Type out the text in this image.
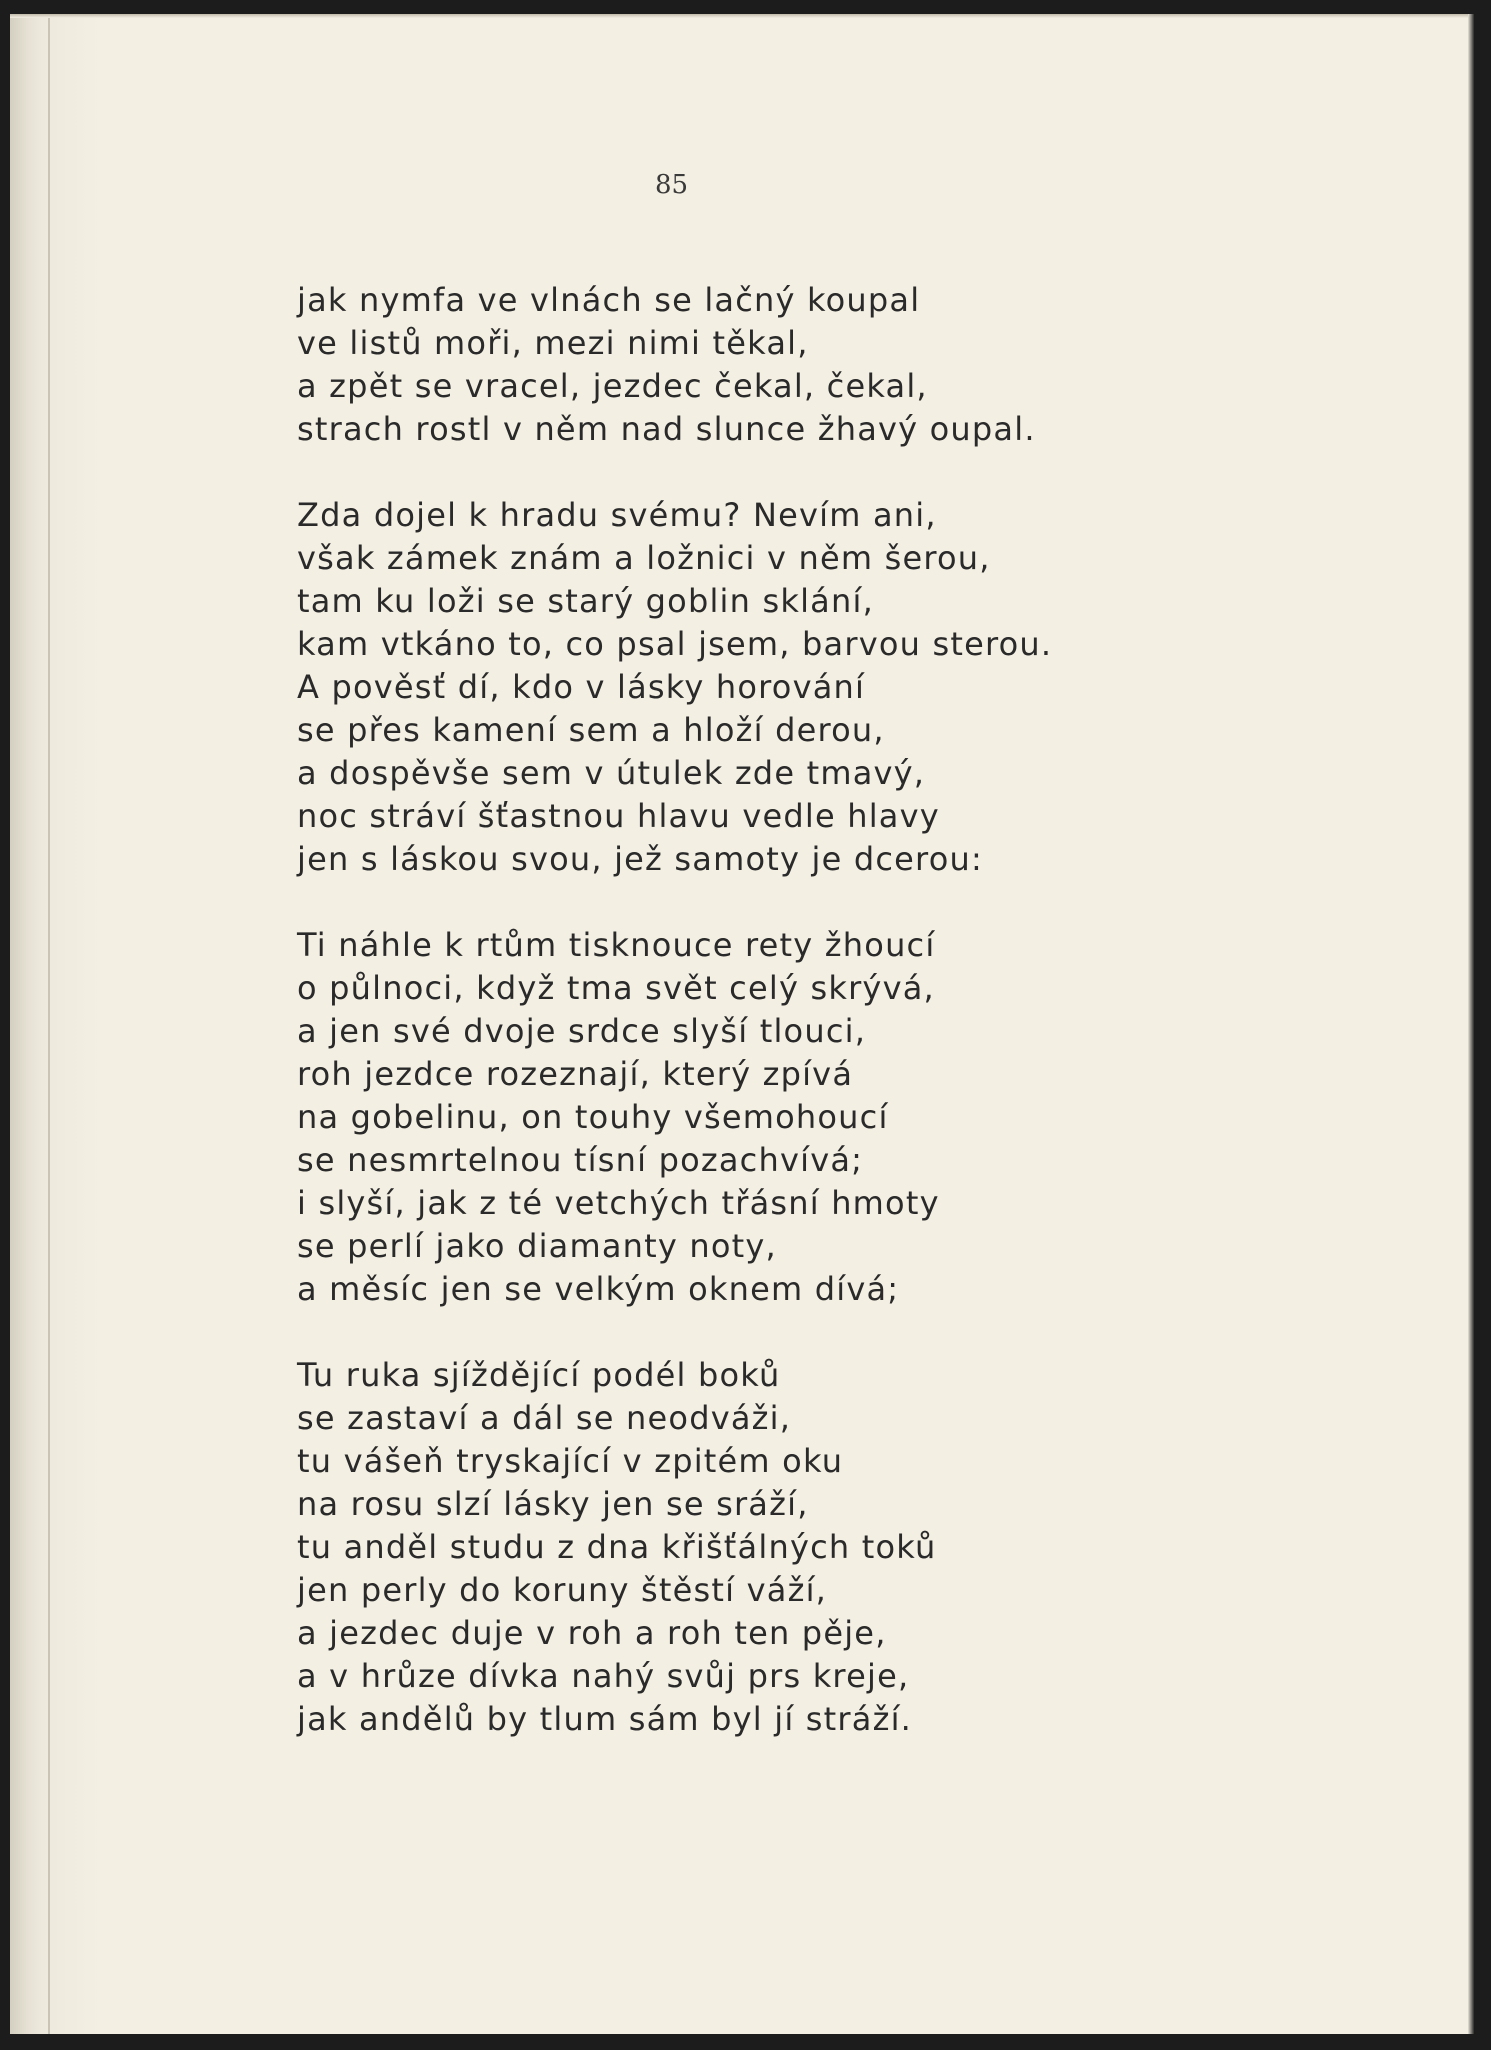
85
jak nymfa ve vlnách se lačný koupal
ve listů moři, mezi nimi těkal,
a zpět se vracel, jezdec čekal, čekal,
strach rostl v něm nad slunce žhavý oupal.
Zda dojel k hradu svému? Nevím ani,
však zámek znám a ložnici v něm šerou,
tam ku loži se starý goblin sklání,
kam vtkáno to, co psal jsem, barvou sterou.
A pověsť dí, kdo v lásky horování
se přes kamení sem a hloží derou,
a dospěvše sem v útulek zde tmavý,
noc stráví šťastnou hlavu vedle hlavy
jen s láskou svou, jež samoty je dcerou:
Ti náhle k rtům tisknouce rety žhoucí
o půlnoci, když tma svět celý skrývá,
a jen své dvoje srdce slyší tlouci,
roh jezdce rozeznají, který zpívá
na gobelinu, on touhy všemohoucí
se nesmrtelnou tísní pozachvívá;
i slyší, jak z té vetchých třásní hmoty
se perlí jako diamanty noty,
a měsíc jen se velkým oknem dívá;
Tu ruka sjíždějící podél boků
se zastaví a dál se neodváži,
tu vášeň tryskající v zpitém oku
na rosu slzí lásky jen se sráží,
tu anděl studu z dna křišťálných toků
jen perly do koruny štěstí váží,
a jezdec duje v roh a roh ten pěje,
a v hrůze dívka nahý svůj prs kreje,
jak andělů by tlum sám byl jí stráží.
